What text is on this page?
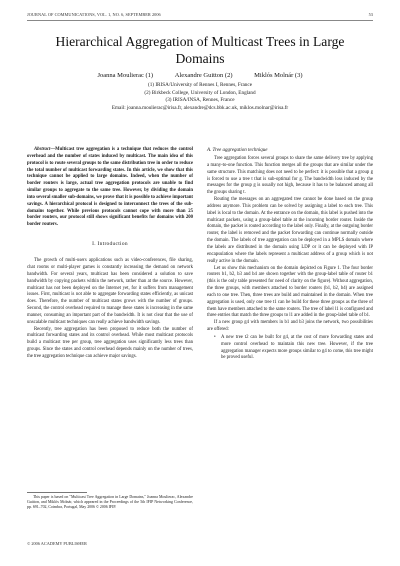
JOURNAL OF COMMUNICATIONS, VOL. 1, NO. 6, SEPTEMBER 2006	53
Hierarchical Aggregation of Multicast Trees in Large Domains
Joanna Moulierac (1)	Alexandre Guitton (2)	Miklós Molnár (3)
(1) IRISA/University of Rennes I, Rennes, France
(2) Birkbeck College, University of London, England
(3) IRISA/INSA, Rennes, France
Email: joanna.moulierac@irisa.fr, alexandre@dcs.bbk.ac.uk, miklos.molnar@irisa.fr

Abstract—Multicast tree aggregation is a technique that reduces the control overhead and the number of states induced by multicast. The main idea of this protocol is to route several groups to the same distribution tree in order to reduce the total number of multicast forwarding states. In this article, we show that this technique cannot be applied to large domains. Indeed, when the number of border routers is large, actual tree aggregation protocols are unable to find similar groups to aggregate to the same tree. However, by dividing the domain into several smaller sub-domains, we prove that it is possible to achieve important savings. A hierarchical protocol is designed to interconnect the trees of the sub-domains together. While previous protocols cannot cope with more than 25 border routers, our protocol still shows significant benefits for domains with 200 border routers.

I. Introduction

The growth of multi-users applications such as video-conferences, file sharing, chat rooms or multi-player games is constantly increasing the demand on network bandwidth. For several years, multicast has been considered a solution to save bandwidth by copying packets within the network, rather than at the source. However, multicast has not been deployed on the Internet yet, for it suffers from management issues. First, multicast is not able to aggregate forwarding states efficiently, as unicast does. Therefore, the number of multicast states grows with the number of groups. Second, the control overhead required to manage these states is increasing in the same manner, consuming an important part of the bandwidth. It is not clear that the use of unscalable multicast techniques can really achieve bandwidth savings.

Recently, tree aggregation has been proposed to reduce both the number of multicast forwarding states and its control overhead. While most multicast protocols build a multicast tree per group, tree aggregation uses significantly less trees than groups. Since the states and control overhead depends mainly on the number of trees, the tree aggregation technique can achieve major savings.

This paper is based on "Multicast Tree Aggregation in Large Domains," Joanna Moulierac, Alexandre Guitton, and Miklós Molnár, which appeared in the Proceedings of the 5th IFIP Networking Conference, pp. 691–702, Coimbra, Portugal, May 2006 © 2006 IFIP.
© 2006 ACADEMY PUBLISHER
A. Tree aggregation technique

Tree aggregation forces several groups to share the same delivery tree by applying a many-to-one function. This function merges all the groups that are similar under the same structure. This matching does not need to be perfect: it is possible that a group g is forced to use a tree t that is sub-optimal for g. The bandwidth loss induced by the messages for the group g is usually not high, because it has to be balanced among all the groups sharing t.

Routing the messages on an aggregated tree cannot be done based on the group address anymore. This problem can be solved by assigning a label to each tree. This label is local to the domain. At the entrance on the domain, this label is pushed into the multicast packets, using a group-label table at the incoming border router. Inside the domain, the packet is routed according to the label only. Finally, at the outgoing border router, the label is removed and the packet forwarding can continue normally outside the domain. The labels of tree aggregation can be deployed in a MPLS domain where the labels are distributed in the domain using LDP or it can be deployed with IP encapsulation where the labels represent a multicast address of a group which is not really active in the domain.

Let us show this mechanism on the domain depicted on Figure 1. The four border routers b1, b2, b3 and b4 are shown together with the group-label table of router b1 (this is the only table presented for need of clarity on the figure). Without aggregation, the three groups, with members attached to border routers (b1, b2, b4) are assigned each to one tree. Then, three trees are build and maintained in the domain. When tree aggregation is used, only one tree t1 can be build for these three groups as the three of them have members attached to the same routers. The tree of label l1 is configured and three entries that match the three groups to l1 are added in the group-label table of b1.

If a new group g4 with members in b1 and b3 joins the network, two possibilities are offered:

• A new tree t2 can be built for g4, at the cost of more forwarding states and more control overhead to maintain this new tree. However, if the tree aggregation manager expects more groups similar to g4 to come, this tree might be proved useful.
